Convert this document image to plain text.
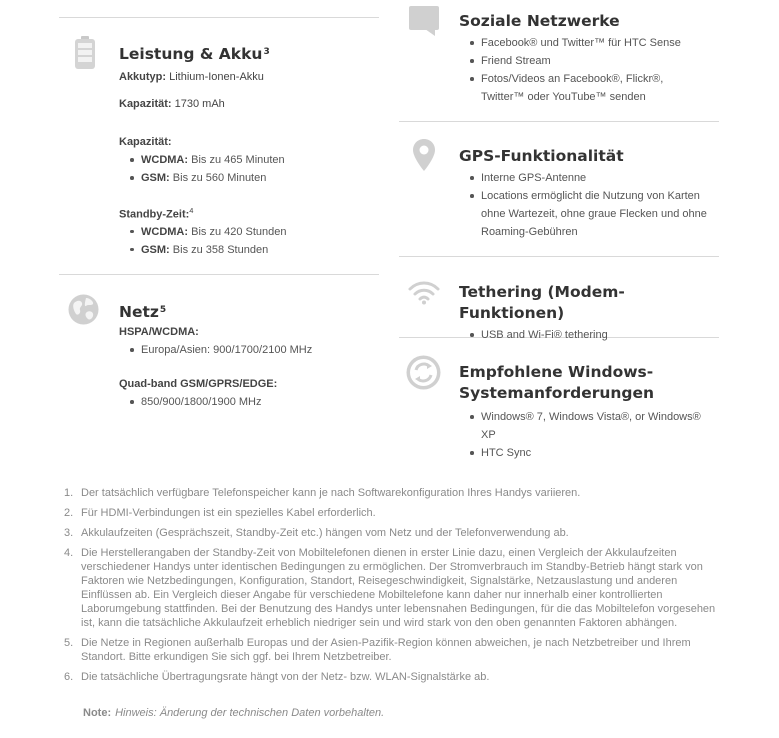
Leistung & Akku$^3$
Akkutyp: Lithium-Ionen-Akku
Kapazität: 1730 mAh
Kapazität:
WCDMA: Bis zu 465 Minuten
GSM: Bis zu 560 Minuten
Standby-Zeit:$^4$
WCDMA: Bis zu 420 Stunden
GSM: Bis zu 358 Stunden
Netz$^5$
HSPA/WCDMA:
Europa/Asien: 900/1700/2100 MHz
Quad-band GSM/GPRS/EDGE:
850/900/1800/1900 MHz
Soziale Netzwerke
Facebook® und Twitter™ für HTC Sense
Friend Stream
Fotos/Videos an Facebook®, Flickr®, Twitter™ oder YouTube™ senden
GPS-Funktionalität
Interne GPS-Antenne
Locations ermöglicht die Nutzung von Karten ohne Wartezeit, ohne graue Flecken und ohne Roaming-Gebühren
Tethering (Modem-Funktionen)
USB and Wi-Fi® tethering
Empfohlene Windows-Systemanforderungen
Windows® 7, Windows Vista®, or Windows® XP
HTC Sync
1. Der tatsächlich verfügbare Telefonspeicher kann je nach Softwarekonfiguration Ihres Handys variieren.
2. Für HDMI-Verbindungen ist ein spezielles Kabel erforderlich.
3. Akkulaufzeiten (Gesprächszeit, Standby-Zeit etc.) hängen vom Netz und der Telefonverwendung ab.
4. Die Herstellerangaben der Standby-Zeit von Mobiltelefonen dienen in erster Linie dazu, einen Vergleich der Akkulaufzeiten verschiedener Handys unter identischen Bedingungen zu ermöglichen. Der Stromverbrauch im Standby-Betrieb hängt stark von Faktoren wie Netzbedingungen, Konfiguration, Standort, Reisegeschwindigkeit, Signalstärke, Netzauslastung und anderen Einflüssen ab. Ein Vergleich dieser Angabe für verschiedene Mobiltelefone kann daher nur innerhalb einer kontrollierten Laborumgebung stattfinden. Bei der Benutzung des Handys unter lebensnahen Bedingungen, für die das Mobiltelefon vorgesehen ist, kann die tatsächliche Akkulaufzeit erheblich niedriger sein und wird stark von den oben genannten Faktoren abhängen.
5. Die Netze in Regionen außerhalb Europas und der Asien-Pazifik-Region können abweichen, je nach Netzbetreiber und Ihrem Standort. Bitte erkundigen Sie sich ggf. bei Ihrem Netzbetreiber.
6. Die tatsächliche Übertragungsrate hängt von der Netz- bzw. WLAN-Signalstärke ab.
Note: Hinweis: Änderung der technischen Daten vorbehalten.
